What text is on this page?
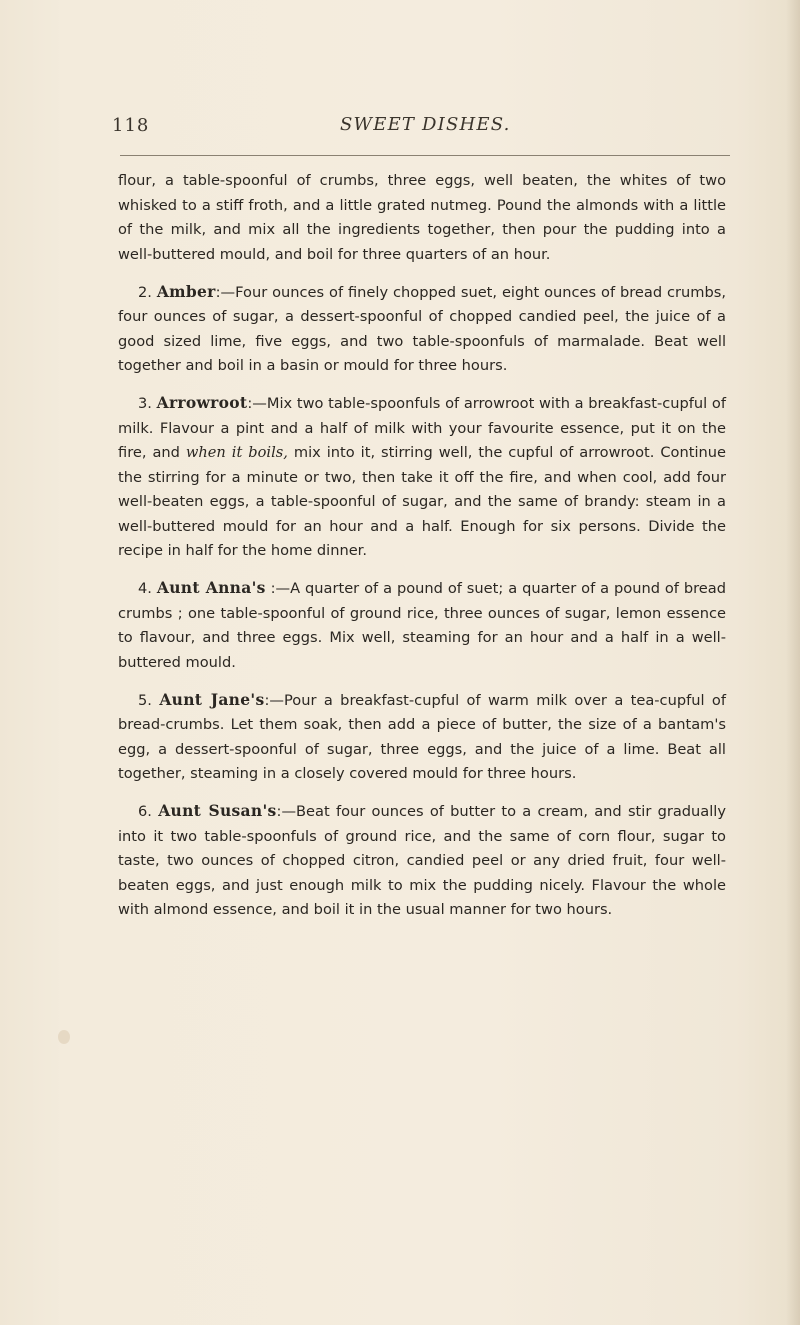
118	SWEET DISHES.

flour, a table-spoonful of crumbs, three eggs, well beaten, the whites of two whisked to a stiff froth, and a little grated nutmeg. Pound the almonds with a little of the milk, and mix all the ingredients together, then pour the pudding into a well-buttered mould, and boil for three quarters of an hour.

2. Amber:—Four ounces of finely chopped suet, eight ounces of bread crumbs, four ounces of sugar, a dessert-spoonful of chopped candied peel, the juice of a good sized lime, five eggs, and two table-spoonfuls of marmalade. Beat well together and boil in a basin or mould for three hours.

3. Arrowroot:—Mix two table-spoonfuls of arrowroot with a breakfast-cupful of milk. Flavour a pint and a half of milk with your favourite essence, put it on the fire, and when it boils, mix into it, stirring well, the cupful of arrowroot. Continue the stirring for a minute or two, then take it off the fire, and when cool, add four well-beaten eggs, a table-spoonful of sugar, and the same of brandy: steam in a well-buttered mould for an hour and a half. Enough for six persons. Divide the recipe in half for the home dinner.

4. Aunt Anna's :—A quarter of a pound of suet; a quarter of a pound of bread crumbs ; one table-spoonful of ground rice, three ounces of sugar, lemon essence to flavour, and three eggs. Mix well, steaming for an hour and a half in a well-buttered mould.

5. Aunt Jane's:—Pour a breakfast-cupful of warm milk over a tea-cupful of bread-crumbs. Let them soak, then add a piece of butter, the size of a bantam's egg, a dessert-spoonful of sugar, three eggs, and the juice of a lime. Beat all together, steaming in a closely covered mould for three hours.

6. Aunt Susan's:—Beat four ounces of butter to a cream, and stir gradually into it two table-spoonfuls of ground rice, and the same of corn flour, sugar to taste, two ounces of chopped citron, candied peel or any dried fruit, four well-beaten eggs, and just enough milk to mix the pudding nicely. Flavour the whole with almond essence, and boil it in the usual manner for two hours.
